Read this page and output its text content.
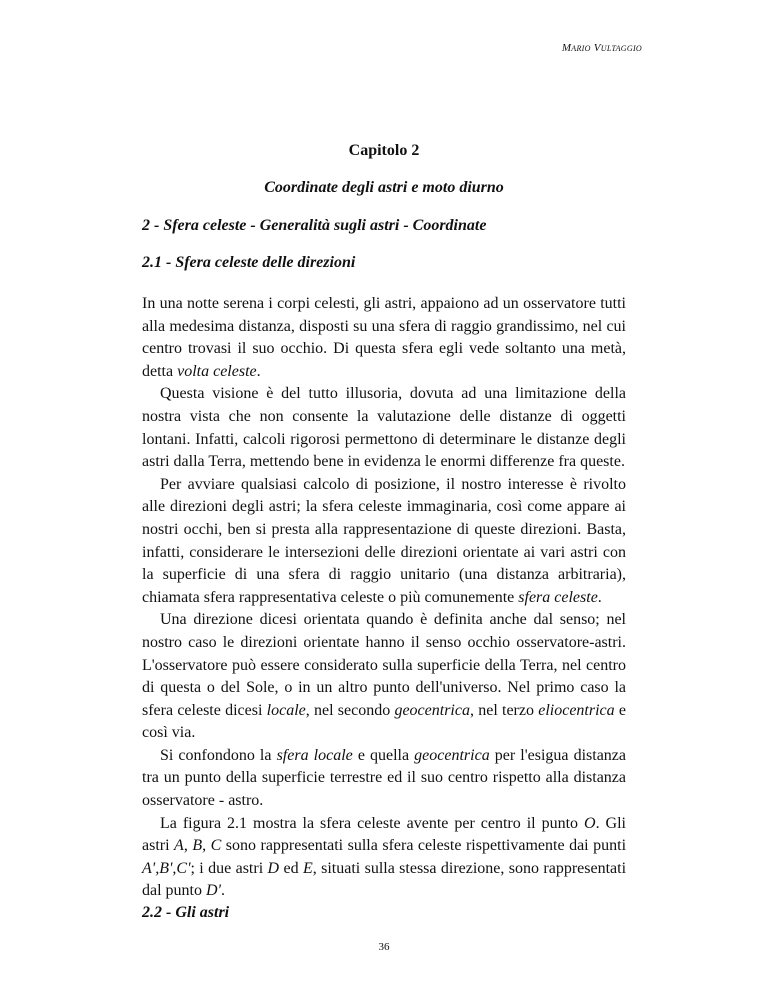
Mario Vultaggio
Capitolo 2
Coordinate degli astri e moto diurno
2 - Sfera celeste - Generalità sugli astri - Coordinate
2.1 - Sfera celeste delle direzioni

In una notte serena i corpi celesti, gli astri, appaiono ad un osservatore tutti alla medesima distanza, disposti su una sfera di raggio grandissimo, nel cui centro trovasi il suo occhio. Di questa sfera egli vede soltanto una metà, detta volta celeste.

Questa visione è del tutto illusoria, dovuta ad una limitazione della nostra vista che non consente la valutazione delle distanze di oggetti lontani. Infatti, calcoli rigorosi permettono di determinare le distanze degli astri dalla Terra, mettendo bene in evidenza le enormi differenze fra queste.

Per avviare qualsiasi calcolo di posizione, il nostro interesse è rivolto alle direzioni degli astri; la sfera celeste immaginaria, così come appare ai nostri occhi, ben si presta alla rappresentazione di queste direzioni. Basta, infatti, considerare le intersezioni delle direzioni orientate ai vari astri con la superficie di una sfera di raggio unitario (una distanza arbitraria), chiamata sfera rappresentativa celeste o più comunemente sfera celeste.

Una direzione dicesi orientata quando è definita anche dal senso; nel nostro caso le direzioni orientate hanno il senso occhio osservatore-astri. L'osservatore può essere considerato sulla superficie della Terra, nel centro di questa o del Sole, o in un altro punto dell'universo. Nel primo caso la sfera celeste dicesi locale, nel secondo geocentrica, nel terzo eliocentrica e così via.

Si confondono la sfera locale e quella geocentrica per l'esigua distanza tra un punto della superficie terrestre ed il suo centro rispetto alla distanza osservatore - astro.

La figura 2.1 mostra la sfera celeste avente per centro il punto O. Gli astri A, B, C sono rappresentati sulla sfera celeste rispettivamente dai punti A',B',C'; i due astri D ed E, situati sulla stessa direzione, sono rappresentati dal punto D'.

2.2 - Gli astri
36
